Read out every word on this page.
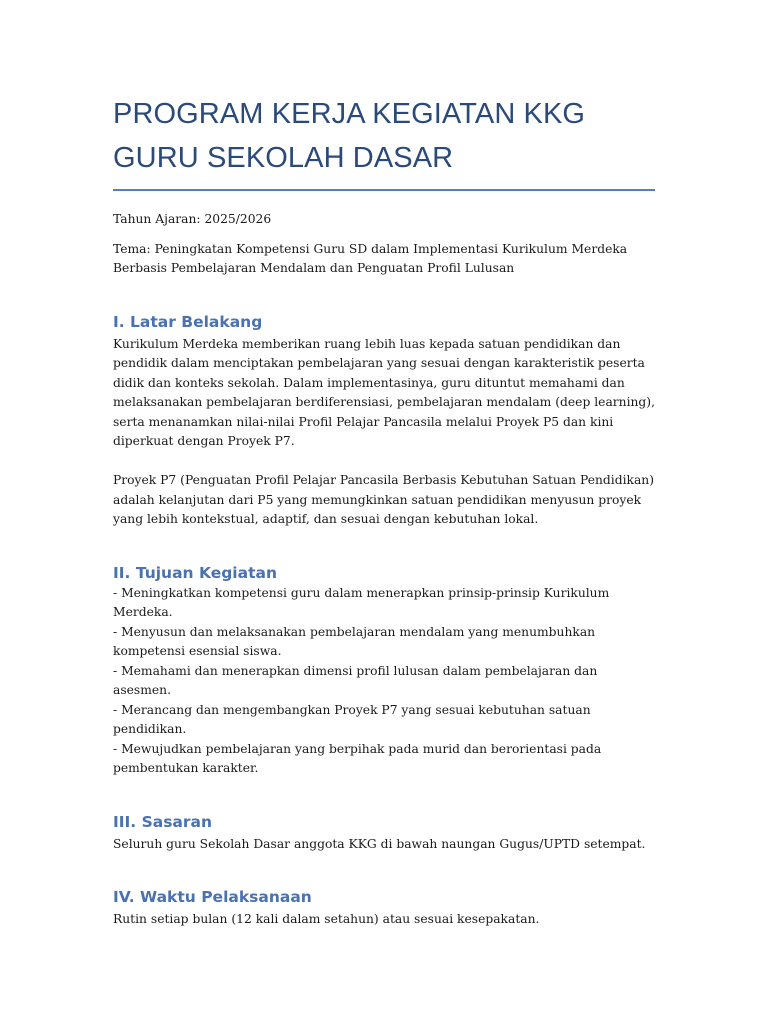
PROGRAM KERJA KEGIATAN KKG GURU SEKOLAH DASAR

Tahun Ajaran: 2025/2026

Tema: Peningkatan Kompetensi Guru SD dalam Implementasi Kurikulum Merdeka Berbasis Pembelajaran Mendalam dan Penguatan Profil Lulusan

I. Latar Belakang

Kurikulum Merdeka memberikan ruang lebih luas kepada satuan pendidikan dan pendidik dalam menciptakan pembelajaran yang sesuai dengan karakteristik peserta didik dan konteks sekolah. Dalam implementasinya, guru dituntut memahami dan melaksanakan pembelajaran berdiferensiasi, pembelajaran mendalam (deep learning), serta menanamkan nilai-nilai Profil Pelajar Pancasila melalui Proyek P5 dan kini diperkuat dengan Proyek P7.

Proyek P7 (Penguatan Profil Pelajar Pancasila Berbasis Kebutuhan Satuan Pendidikan) adalah kelanjutan dari P5 yang memungkinkan satuan pendidikan menyusun proyek yang lebih kontekstual, adaptif, dan sesuai dengan kebutuhan lokal.

II. Tujuan Kegiatan
- Meningkatkan kompetensi guru dalam menerapkan prinsip-prinsip Kurikulum Merdeka.
- Menyusun dan melaksanakan pembelajaran mendalam yang menumbuhkan kompetensi esensial siswa.
- Memahami dan menerapkan dimensi profil lulusan dalam pembelajaran dan asesmen.
- Merancang dan mengembangkan Proyek P7 yang sesuai kebutuhan satuan pendidikan.
- Mewujudkan pembelajaran yang berpihak pada murid dan berorientasi pada pembentukan karakter.
III. Sasaran

Seluruh guru Sekolah Dasar anggota KKG di bawah naungan Gugus/UPTD setempat.

IV. Waktu Pelaksanaan

Rutin setiap bulan (12 kali dalam setahun) atau sesuai kesepakatan.
